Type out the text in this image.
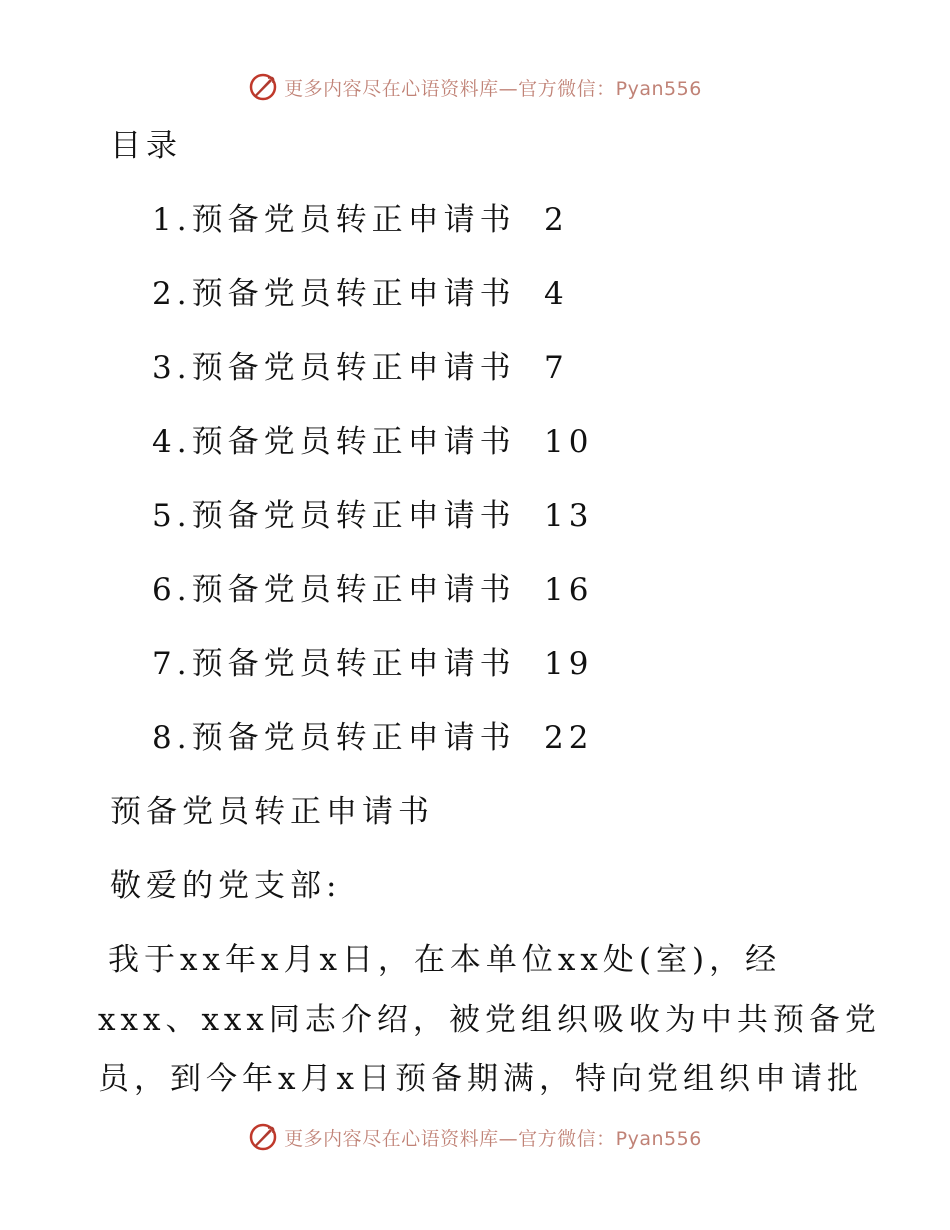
更多内容尽在心语资料库—官方微信：Pyan556
目录
1.预备党员转正申请书 2
2.预备党员转正申请书 4
3.预备党员转正申请书 7
4.预备党员转正申请书 10
5.预备党员转正申请书 13
6.预备党员转正申请书 16
7.预备党员转正申请书 19
8.预备党员转正申请书 22
预备党员转正申请书
敬爱的党支部:
我于xx年x月x日，在本单位xx处(室)，经
xxx、xxx同志介绍，被党组织吸收为中共预备党
员，到今年x月x日预备期满，特向党组织申请批
更多内容尽在心语资料库—官方微信：Pyan556
